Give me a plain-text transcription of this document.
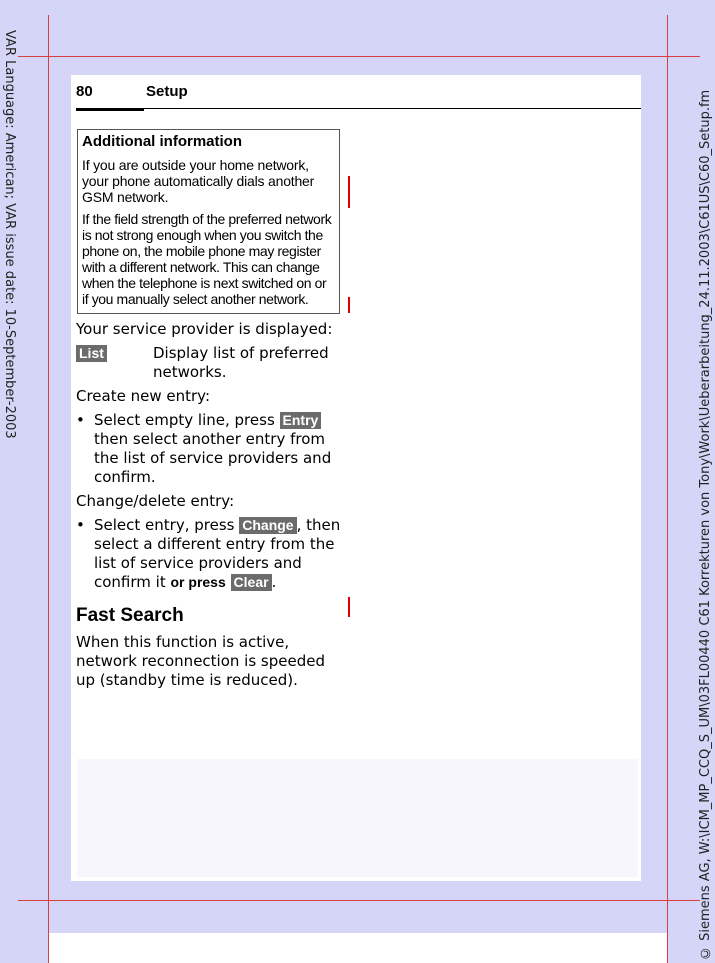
VAR Language: American; VAR issue date: 10-September-2003	© Siemens AG, W:\ICM_MP_CCQ_S_UM\03FL00440 C61 Korrekturen von Tony\Work\Ueberarbeitung_24.11.2003\C61US\C60_Setup.fm
80	Setup
Additional information

If you are outside your home network, your phone automatically dials another GSM network.

If the field strength of the preferred network is not strong enough when you switch the phone on, the mobile phone may register with a different network. This can change when the telephone is next switched on or if you manually select another network.

Your service provider is displayed:

List	Display list of preferred networks.

Create new entry:

• Select empty line, press Entry then select another entry from the list of service providers and confirm.

Change/delete entry:

• Select entry, press Change , then select a different entry from the list of service providers and confirm it or press Clear .
Fast Search

When this function is active, network reconnection is speeded up (standby time is reduced).
